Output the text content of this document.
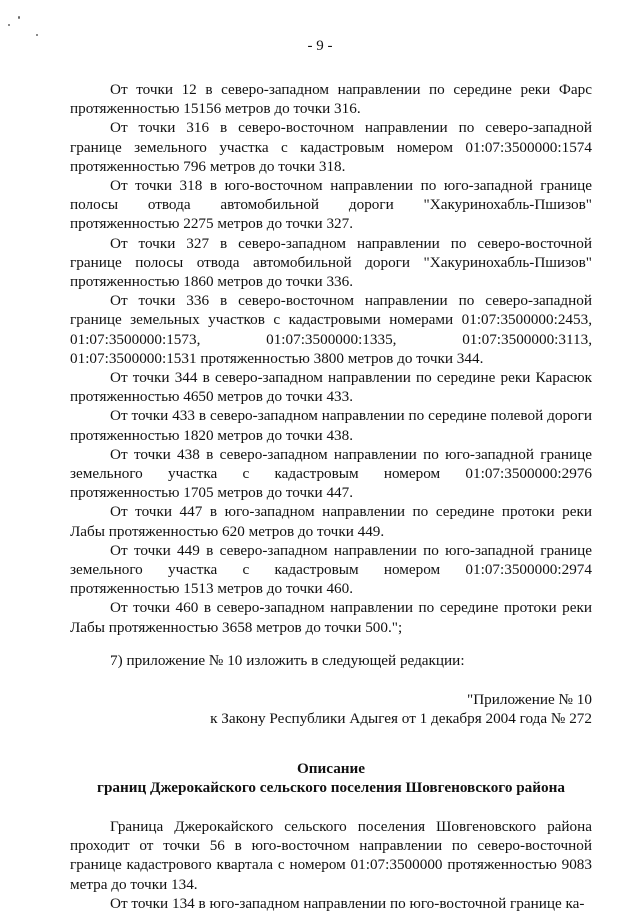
- 9 -

От точки 12 в северо-западном направлении по середине реки Фарс протяженностью 15156 метров до точки 316.

От точки 316 в северо-восточном направлении по северо-западной границе земельного участка с кадастровым номером 01:07:3500000:1574 протяженностью 796 метров до точки 318.

От точки 318 в юго-восточном направлении по юго-западной границе полосы отвода автомобильной дороги "Хакуринохабль-Пшизов" протяженностью 2275 метров до точки 327.

От точки 327 в северо-западном направлении по северо-восточной границе полосы отвода автомобильной дороги "Хакуринохабль-Пшизов" протяженностью 1860 метров до точки 336.

От точки 336 в северо-восточном направлении по северо-западной границе земельных участков с кадастровыми номерами 01:07:3500000:2453, 01:07:3500000:1573, 01:07:3500000:1335, 01:07:3500000:3113, 01:07:3500000:1531 протяженностью 3800 метров до точки 344.

От точки 344 в северо-западном направлении по середине реки Карасюк протяженностью 4650 метров до точки 433.

От точки 433 в северо-западном направлении по середине полевой дороги протяженностью 1820 метров до точки 438.

От точки 438 в северо-западном направлении по юго-западной границе земельного участка с кадастровым номером 01:07:3500000:2976 протяженностью 1705 метров до точки 447.

От точки 447 в юго-западном направлении по середине протоки реки Лабы протяженностью 620 метров до точки 449.

От точки 449 в северо-западном направлении по юго-западной границе земельного участка с кадастровым номером 01:07:3500000:2974 протяженностью 1513 метров до точки 460.

От точки 460 в северо-западном направлении по середине протоки реки Лабы протяженностью 3658 метров до точки 500.";

7) приложение № 10 изложить в следующей редакции:

"Приложение № 10

к Закону Республики Адыгея от 1 декабря 2004 года № 272

Описание

границ Джерокайского сельского поселения Шовгеновского района

Граница Джерокайского сельского поселения Шовгеновского района проходит от точки 56 в юго-восточном направлении по северо-восточной границе кадастрового квартала с номером 01:07:3500000 протяженностью 9083 метра до точки 134.

От точки 134 в юго-западном направлении по юго-восточной границе ка-
